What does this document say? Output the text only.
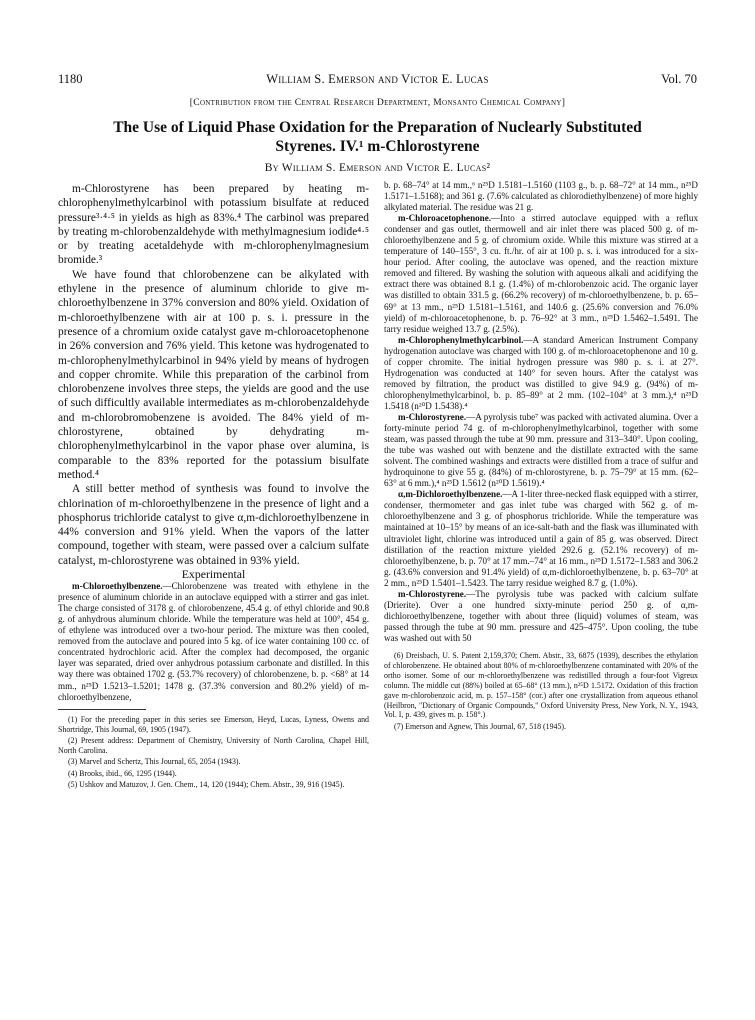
1180	William S. Emerson and Victor E. Lucas	Vol. 70
[Contribution from the Central Research Department, Monsanto Chemical Company]
The Use of Liquid Phase Oxidation for the Preparation of Nuclearly Substituted
Styrenes. IV.¹ m-Chlorostyrene
By William S. Emerson and Victor E. Lucas²

m-Chlorostyrene has been prepared by heating m-chlorophenylmethylcarbinol with potassium bisulfate at reduced pressure³·⁴·⁵ in yields as high as 83%.⁴ The carbinol was prepared by treating m-chlorobenzaldehyde with methylmagnesium iodide⁴·⁵ or by treating acetaldehyde with m-chlorophenylmagnesium bromide.³

We have found that chlorobenzene can be alkylated with ethylene in the presence of aluminum chloride to give m-chloroethylbenzene in 37% conversion and 80% yield. Oxidation of m-chloroethylbenzene with air at 100 p. s. i. pressure in the presence of a chromium oxide catalyst gave m-chloroacetophenone in 26% conversion and 76% yield. This ketone was hydrogenated to m-chlorophenylmethylcarbinol in 94% yield by means of hydrogen and copper chromite. While this preparation of the carbinol from chlorobenzene involves three steps, the yields are good and the use of such difficultly available intermediates as m-chlorobenzaldehyde and m-chlorobromobenzene is avoided. The 84% yield of m-chlorostyrene, obtained by dehydrating m-chlorophenylmethylcarbinol in the vapor phase over alumina, is comparable to the 83% reported for the potassium bisulfate method.⁴

A still better method of synthesis was found to involve the chlorination of m-chloroethylbenzene in the presence of light and a phosphorus trichloride catalyst to give α,m-dichloroethylbenzene in 44% conversion and 91% yield. When the vapors of the latter compound, together with steam, were passed over a calcium sulfate catalyst, m-chlorostyrene was obtained in 93% yield.

Experimental

m-Chloroethylbenzene.—Chlorobenzene was treated with ethylene in the presence of aluminum chloride in an autoclave equipped with a stirrer and gas inlet. The charge consisted of 3178 g. of chlorobenzene, 45.4 g. of ethyl chloride and 90.8 g. of anhydrous aluminum chloride. While the temperature was held at 100°, 454 g. of ethylene was introduced over a two-hour period. The mixture was then cooled, removed from the autoclave and poured into 5 kg. of ice water containing 100 cc. of concentrated hydrochloric acid. After the complex had decomposed, the organic layer was separated, dried over anhydrous potassium carbonate and distilled. In this way there was obtained 1702 g. (53.7% recovery) of chlorobenzene, b. p. <68° at 14 mm., n²⁵D 1.5213–1.5201; 1478 g. (37.3% conversion and 80.2% yield) of m-chloroethylbenzene,

(1) For the preceding paper in this series see Emerson, Heyd, Lucas, Lyness, Owens and Shortridge, This Journal, 69, 1905 (1947).

(2) Present address: Department of Chemistry, University of North Carolina, Chapel Hill, North Carolina.

(3) Marvel and Schertz, This Journal, 65, 2054 (1943).

(4) Brooks, ibid., 66, 1295 (1944).

(5) Ushkov and Matuzov, J. Gen. Chem., 14, 120 (1944); Chem. Abstr., 39, 916 (1945).

b. p. 68–74° at 14 mm.,⁶ n²⁵D 1.5181–1.5160 (1103 g., b. p. 68–72° at 14 mm., n²⁵D 1.5171–1.5168); and 361 g. (7.6% calculated as chlorodiethylbenzene) of more highly alkylated material. The residue was 21 g.

m-Chloroacetophenone.—Into a stirred autoclave equipped with a reflux condenser and gas outlet, thermowell and air inlet there was placed 500 g. of m-chloroethylbenzene and 5 g. of chromium oxide. While this mixture was stirred at a temperature of 140–155°, 3 cu. ft./hr. of air at 100 p. s. i. was introduced for a six-hour period. After cooling, the autoclave was opened, and the reaction mixture removed and filtered. By washing the solution with aqueous alkali and acidifying the extract there was obtained 8.1 g. (1.4%) of m-chlorobenzoic acid. The organic layer was distilled to obtain 331.5 g. (66.2% recovery) of m-chloroethylbenzene, b. p. 65–69° at 13 mm., n²⁵D 1.5181–1.5161, and 140.6 g. (25.6% conversion and 76.0% yield) of m-chloroacetophenone, b. p. 76–92° at 3 mm., n²⁵D 1.5462–1.5491. The tarry residue weighed 13.7 g. (2.5%).

m-Chlorophenylmethylcarbinol.—A standard American Instrument Company hydrogenation autoclave was charged with 100 g. of m-chloroacetophenone and 10 g. of copper chromite. The initial hydrogen pressure was 980 p. s. i. at 27°. Hydrogenation was conducted at 140° for seven hours. After the catalyst was removed by filtration, the product was distilled to give 94.9 g. (94%) of m-chlorophenylmethylcarbinol, b. p. 85–89° at 2 mm. (102–104° at 3 mm.),⁴ n²⁵D 1.5418 (n²⁰D 1.5438).⁴

m-Chlorostyrene.—A pyrolysis tube⁷ was packed with activated alumina. Over a forty-minute period 74 g. of m-chlorophenylmethylcarbinol, together with some steam, was passed through the tube at 90 mm. pressure and 313–340°. Upon cooling, the tube was washed out with benzene and the distillate extracted with the same solvent. The combined washings and extracts were distilled from a trace of sulfur and hydroquinone to give 55 g. (84%) of m-chlorostyrene, b. p. 75–79° at 15 mm. (62–63° at 6 mm.),⁴ n²⁵D 1.5612 (n²⁰D 1.5619).⁴

α,m-Dichloroethylbenzene.—A 1-liter three-necked flask equipped with a stirrer, condenser, thermometer and gas inlet tube was charged with 562 g. of m-chloroethylbenzene and 3 g. of phosphorus trichloride. While the temperature was maintained at 10–15° by means of an ice-salt-bath and the flask was illuminated with ultraviolet light, chlorine was introduced until a gain of 85 g. was observed. Direct distillation of the reaction mixture yielded 292.6 g. (52.1% recovery) of m-chloroethylbenzene, b. p. 70° at 17 mm.–74° at 16 mm., n²⁵D 1.5172–1.583 and 306.2 g. (43.6% conversion and 91.4% yield) of α,m-dichloroethylbenzene, b. p. 63–70° at 2 mm., n²⁵D 1.5401–1.5423. The tarry residue weighed 8.7 g. (1.0%).

m-Chlorostyrene.—The pyrolysis tube was packed with calcium sulfate (Drierite). Over a one hundred sixty-minute period 250 g. of α,m-dichloroethylbenzene, together with about three (liquid) volumes of steam, was passed through the tube at 90 mm. pressure and 425–475°. Upon cooling, the tube was washed out with 50

(6) Dreisbach, U. S. Patent 2,159,370; Chem. Abstr., 33, 6875 (1939), describes the ethylation of chlorobenzene. He obtained about 80% of m-chloroethylbenzene contaminated with 20% of the ortho isomer. Some of our m-chloroethylbenzene was redistilled through a four-foot Vigreux column. The middle cut (88%) boiled at 65–68° (13 mm.), n²⁵D 1.5172. Oxidation of this fraction gave m-chlorobenzoic acid, m. p. 157–158° (cor.) after one crystallization from aqueous ethanol (Heilbron, "Dictionary of Organic Compounds," Oxford University Press, New York, N. Y., 1943, Vol. I, p. 439, gives m. p. 158°.)

(7) Emerson and Agnew, This Journal, 67, 518 (1945).
